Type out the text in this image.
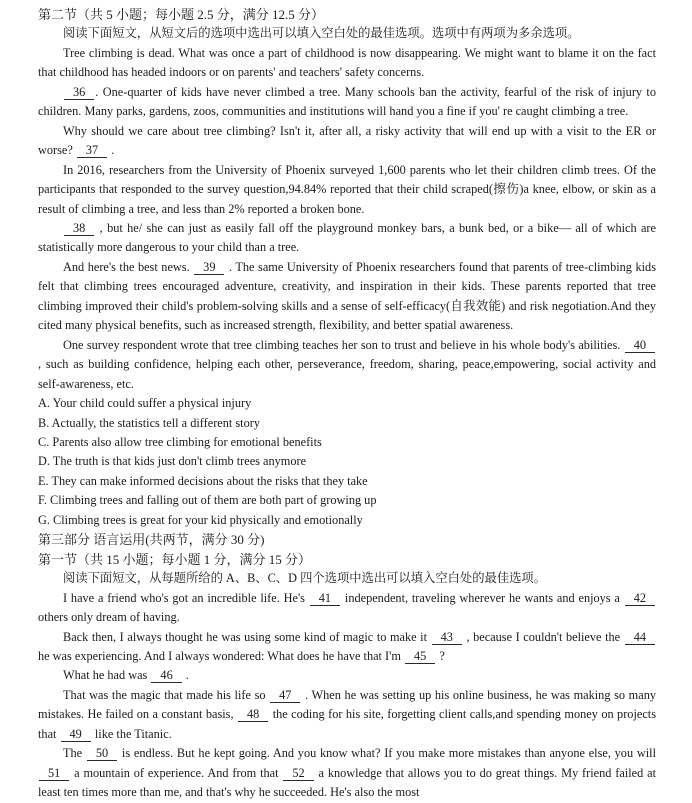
第二节（共 5 小题；每小题 2.5 分，满分 12.5 分）
阅读下面短文，从短文后的选项中选出可以填入空白处的最佳选项。选项中有两项为多余选项。
Tree climbing is dead. What was once a part of childhood is now disappearing. We might want to blame it on the fact that childhood has headed indoors or on parents' and teachers' safety concerns.
36 . One-quarter of kids have never climbed a tree. Many schools ban the activity, fearful of the risk of injury to children. Many parks, gardens, zoos, communities and institutions will hand you a fine if you' re caught climbing a tree.
Why should we care about tree climbing? Isn't it, after all, a risky activity that will end up with a visit to the ER or worse? 37 .
In 2016, researchers from the University of Phoenix surveyed 1,600 parents who let their children climb trees. Of the participants that responded to the survey question,94.84% reported that their child scraped(擦伤)a knee, elbow, or skin as a result of climbing a tree, and less than 2% reported a broken bone.
38 , but he/ she can just as easily fall off the playground monkey bars, a bunk bed, or a bike— all of which are statistically more dangerous to your child than a tree.
And here's the best news. 39 . The same University of Phoenix researchers found that parents of tree-climbing kids felt that climbing trees encouraged adventure, creativity, and inspiration in their kids. These parents reported that tree climbing improved their child's problem-solving skills and a sense of self-efficacy(自我效能) and risk negotiation.And they cited many physical benefits, such as increased strength, flexibility, and better spatial awareness.
One survey respondent wrote that tree climbing teaches her son to trust and believe in his whole body's abilities. 40 , such as building confidence, helping each other, perseverance, freedom, sharing, peace,empowering, social activity and self-awareness, etc.
A. Your child could suffer a physical injury
B. Actually, the statistics tell a different story
C. Parents also allow tree climbing for emotional benefits
D. The truth is that kids just don't climb trees anymore
E. They can make informed decisions about the risks that they take
F. Climbing trees and falling out of them are both part of growing up
G. Climbing trees is great for your kid physically and emotionally
第三部分 语言运用(共两节，满分 30 分)
第一节（共 15 小题；每小题 1 分，满分 15 分）
阅读下面短文，从每题所给的 A、B、C、D 四个选项中选出可以填入空白处的最佳选项。
I have a friend who's got an incredible life. He's 41 independent, traveling wherever he wants and enjoys a 42 others only dream of having.
Back then, I always thought he was using some kind of magic to make it 43 , because I couldn't believe the 44 he was experiencing. And I always wondered: What does he have that I'm 45 ?
What he had was 46 .
That was the magic that made his life so 47 . When he was setting up his online business, he was making so many mistakes. He failed on a constant basis, 48 the coding for his site, forgetting client calls,and spending money on projects that 49 like the Titanic.
The 50 is endless. But he kept going. And you know what? If you make more mistakes than anyone else, you will 51 a mountain of experience. And from that 52 a knowledge that allows you to do great things. My friend failed at least ten times more than me, and that's why he succeeded. He's also the most
